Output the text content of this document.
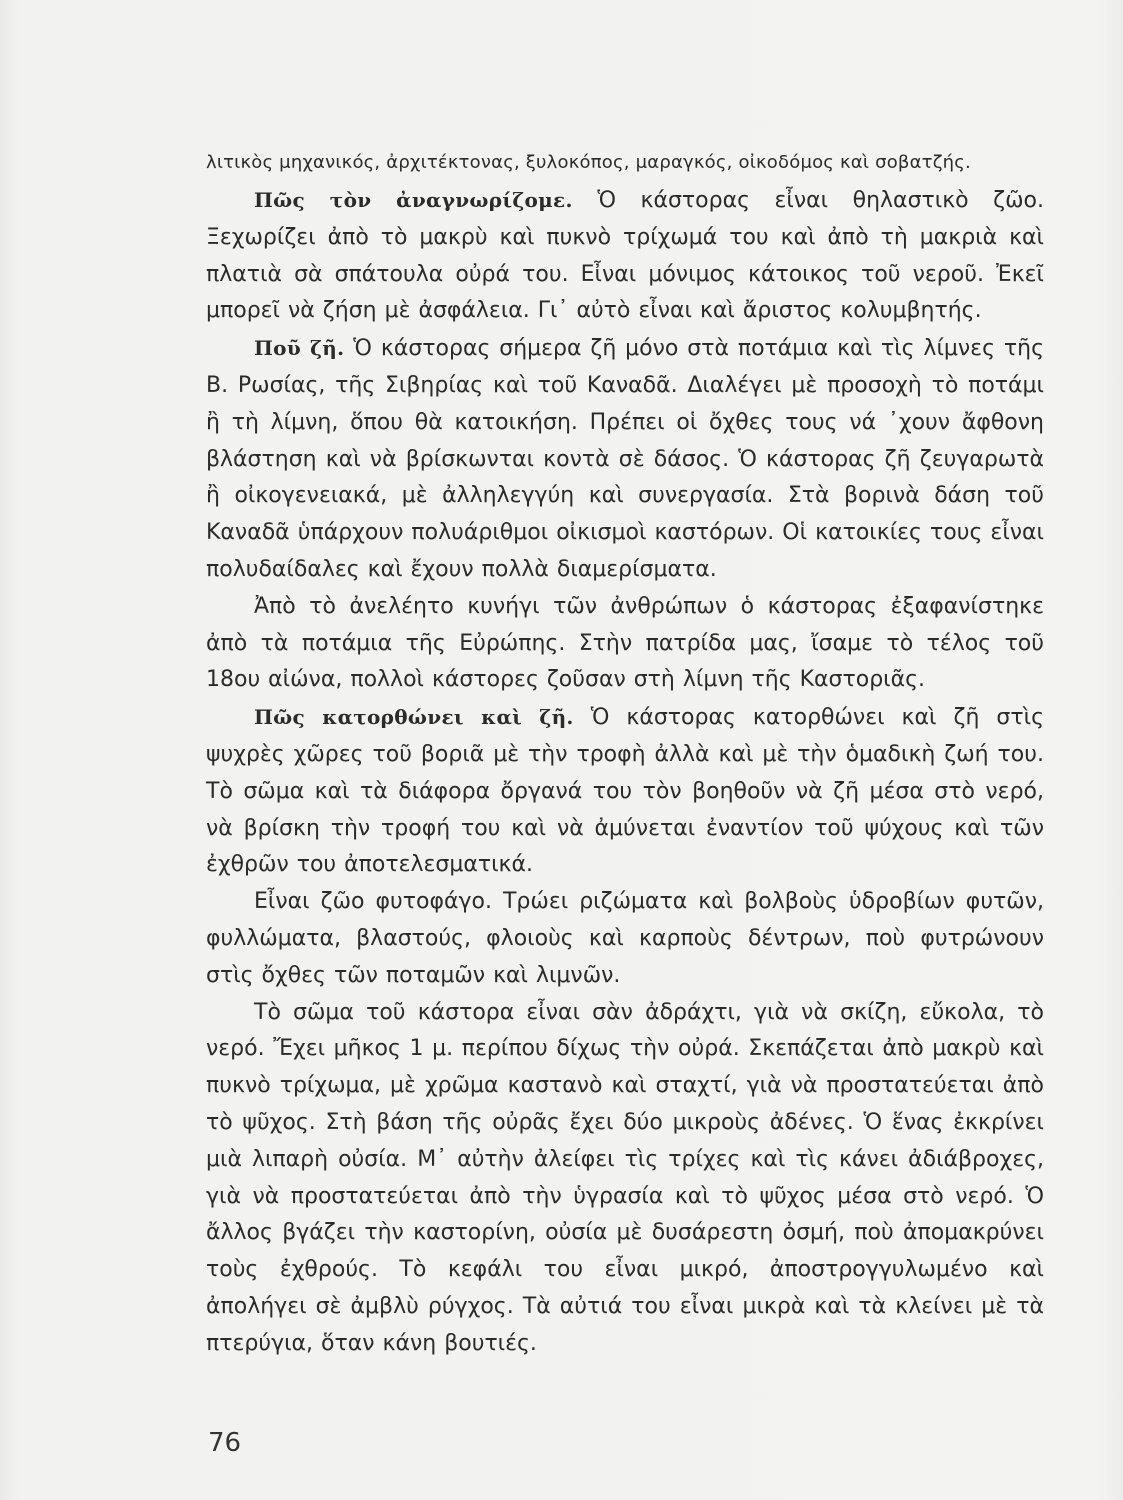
λιτικὸς μηχανικός, ἀρχιτέκτονας, ξυλοκόπος, μαραγκός, οἰκοδόμος καὶ σοβατζής.

Πῶς τὸν ἀναγνωρίζομε. Ὁ κάστορας εἶναι θηλαστικὸ ζῶο. Ξεχωρίζει ἀπὸ τὸ μακρὺ καὶ πυκνὸ τρίχωμά του καὶ ἀπὸ τὴ μακριὰ καὶ πλατιὰ σὰ σπάτουλα οὐρά του. Εἶναι μόνιμος κάτοικος τοῦ νεροῦ. Ἐκεῖ μπορεῖ νὰ ζήση μὲ ἀσφάλεια. Γι᾿ αὐτὸ εἶναι καὶ ἄριστος κολυμβητής.

Ποῦ ζῆ. Ὁ κάστορας σήμερα ζῆ μόνο στὰ ποτάμια καὶ τὶς λίμνες τῆς Β. Ρωσίας, τῆς Σιβηρίας καὶ τοῦ Καναδᾶ. Διαλέγει μὲ προσοχὴ τὸ ποτάμι ἢ τὴ λίμνη, ὅπου θὰ κατοικήση. Πρέπει οἱ ὄχθες τους νά ᾿χουν ἄφθονη βλάστηση καὶ νὰ βρίσκωνται κοντὰ σὲ δάσος. Ὁ κάστορας ζῆ ζευγαρωτὰ ἢ οἰκογενειακά, μὲ ἀλληλεγγύη καὶ συνεργασία. Στὰ βορινὰ δάση τοῦ Καναδᾶ ὑπάρχουν πολυάριθμοι οἰκισμοὶ καστόρων. Οἱ κατοικίες τους εἶναι πολυδαίδαλες καὶ ἔχουν πολλὰ διαμερίσματα.

Ἀπὸ τὸ ἀνελέητο κυνήγι τῶν ἀνθρώπων ὁ κάστορας ἐξαφανίστηκε ἀπὸ τὰ ποτάμια τῆς Εὐρώπης. Στὴν πατρίδα μας, ἴσαμε τὸ τέλος τοῦ 18ου αἰώνα, πολλοὶ κάστορες ζοῦσαν στὴ λίμνη τῆς Καστοριᾶς.

Πῶς κατορθώνει καὶ ζῆ. Ὁ κάστορας κατορθώνει καὶ ζῆ στὶς ψυχρὲς χῶρες τοῦ βοριᾶ μὲ τὴν τροφὴ ἀλλὰ καὶ μὲ τὴν ὁμαδικὴ ζωή του. Τὸ σῶμα καὶ τὰ διάφορα ὄργανά του τὸν βοηθοῦν νὰ ζῆ μέσα στὸ νερό, νὰ βρίσκη τὴν τροφή του καὶ νὰ ἀμύνεται ἐναντίον τοῦ ψύχους καὶ τῶν ἐχθρῶν του ἀποτελεσματικά.

Εἶναι ζῶο φυτοφάγο. Τρώει ριζώματα καὶ βολβοὺς ὑδροβίων φυτῶν, φυλλώματα, βλαστούς, φλοιοὺς καὶ καρποὺς δέντρων, ποὺ φυτρώνουν στὶς ὄχθες τῶν ποταμῶν καὶ λιμνῶν.

Τὸ σῶμα τοῦ κάστορα εἶναι σὰν ἀδράχτι, γιὰ νὰ σκίζη, εὔκολα, τὸ νερό. Ἔχει μῆκος 1 μ. περίπου δίχως τὴν οὐρά. Σκεπάζεται ἀπὸ μακρὺ καὶ πυκνὸ τρίχωμα, μὲ χρῶμα καστανὸ καὶ σταχτί, γιὰ νὰ προστατεύεται ἀπὸ τὸ ψῦχος. Στὴ βάση τῆς οὐρᾶς ἔχει δύο μικροὺς ἀδένες. Ὁ ἕνας ἐκκρίνει μιὰ λιπαρὴ οὐσία. Μ᾿ αὐτὴν ἀλείφει τὶς τρίχες καὶ τὶς κάνει ἀδιάβροχες, γιὰ νὰ προστατεύεται ἀπὸ τὴν ὑγρασία καὶ τὸ ψῦχος μέσα στὸ νερό. Ὁ ἄλλος βγάζει τὴν καστορίνη, οὐσία μὲ δυσάρεστη ὀσμή, ποὺ ἀπομακρύνει τοὺς ἐχθρούς. Τὸ κεφάλι του εἶναι μικρό, ἀποστρογγυλωμένο καὶ ἀπολήγει σὲ ἀμβλὺ ρύγχος. Τὰ αὐτιά του εἶναι μικρὰ καὶ τὰ κλείνει μὲ τὰ πτερύγια, ὅταν κάνη βουτιές.

76
